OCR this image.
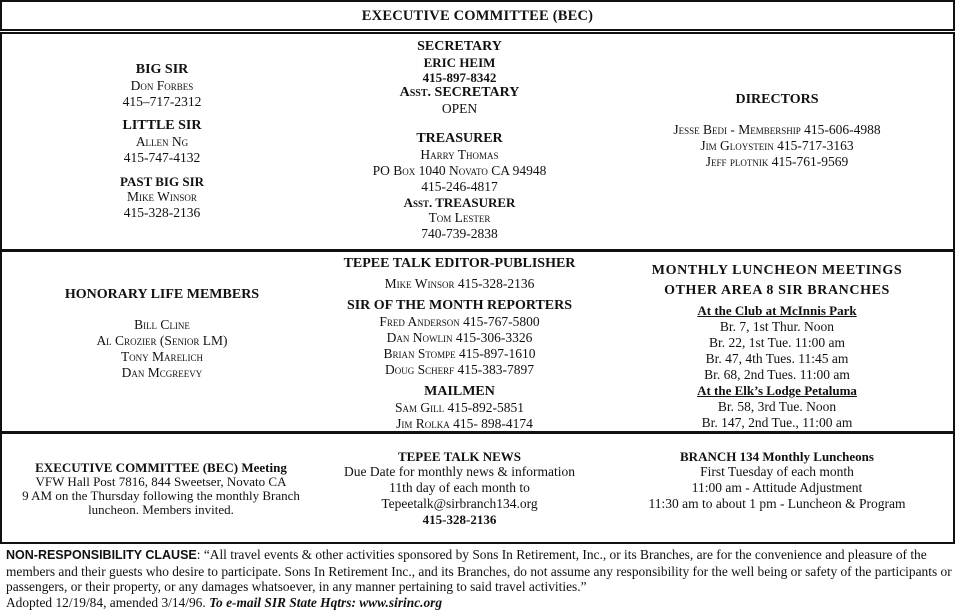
EXECUTIVE COMMITTEE (BEC)
BIG SIR
Don Forbes
415–717-2312
LITTLE SIR
Allen Ng
415-747-4132
PAST BIG SIR
Mike Winsor
415-328-2136
SECRETARY
ERIC HEIM
415-897-8342
Asst. SECRETARY
OPEN
TREASURER
Harry Thomas
PO Box 1040 Novato CA 94948
415-246-4817
Asst. TREASURER
Tom Lester
740-739-2838
DIRECTORS
Jesse Bedi - Membership 415-606-4988
Jim Gloystein 415-717-3163
Jeff plotnik 415-761-9569
HONORARY LIFE MEMBERS
Bill Cline
Al Crozier (Senior LM)
Tony Marelich
Dan Mcgreevy
TEPEE TALK EDITOR-PUBLISHER
Mike Winsor 415-328-2136
SIR OF THE MONTH REPORTERS
Fred Anderson 415-767-5800
Dan Nowlin 415-306-3326
Brian Stompe 415-897-1610
Doug Scherf 415-383-7897
MAILMEN
Sam Gill 415-892-5851
Jim Rolka 415- 898-4174
MONTHLY LUNCHEON MEETINGS
OTHER AREA 8 SIR BRANCHES
At the Club at McInnis Park
Br. 7, 1st Thur. Noon
Br. 22, 1st Tue. 11:00 am
Br. 47, 4th Tues. 11:45 am
Br. 68, 2nd Tues. 11:00 am
At the Elk’s Lodge Petaluma
Br. 58, 3rd Tue. Noon
Br. 147, 2nd Tue., 11:00 am
EXECUTIVE COMMITTEE (BEC) Meeting
VFW Hall Post 7816, 844 Sweetser, Novato CA
9 AM on the Thursday following the monthly Branch
luncheon. Members invited.
TEPEE TALK NEWS
Due Date for monthly news & information
11th day of each month to
Tepeetalk@sirbranch134.org
415-328-2136
BRANCH 134 Monthly Luncheons
First Tuesday of each month
11:00 am - Attitude Adjustment
11:30 am to about 1 pm - Luncheon & Program
NON-RESPONSIBILITY CLAUSE: “All travel events & other activities sponsored by Sons In Retirement, Inc., or its Branches, are for the convenience and pleasure of the members and their guests who desire to participate. Sons In Retirement Inc., and its Branches, do not assume any responsibility for the well being or safety of the participants or passengers, or their property, or any damages whatsoever, in any manner pertaining to said travel activities.”
Adopted 12/19/84, amended 3/14/96. To e-mail SIR State Hqtrs: www.sirinc.org
